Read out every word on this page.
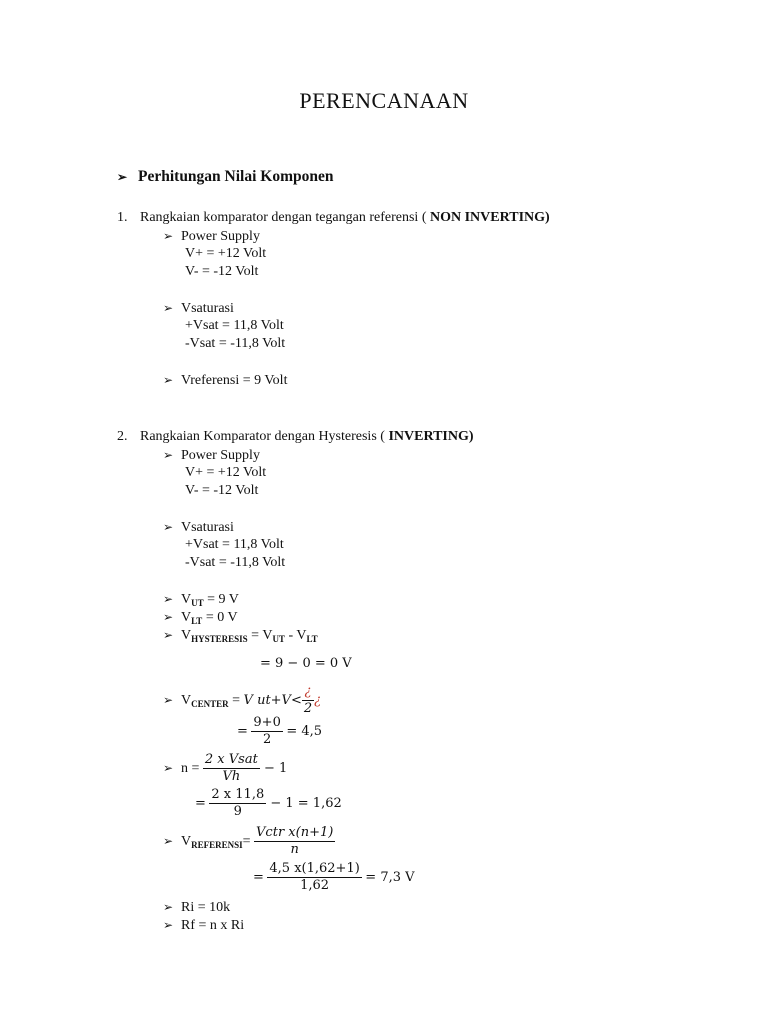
PERENCANAAN
➢ Perhitungan Nilai Komponen
1. Rangkaian komparator dengan tegangan referensi ( NON INVERTING)
➢ Power Supply
V+ = +12 Volt
V- = -12 Volt
➢ Vsaturasi
+Vsat = 11,8 Volt
-Vsat = -11,8 Volt
➢ Vreferensi = 9 Volt
2. Rangkaian Komparator dengan Hysteresis ( INVERTING)
➢ Power Supply
V+ = +12 Volt
V- = -12 Volt
➢ Vsaturasi
+Vsat = 11,8 Volt
-Vsat = -11,8 Volt
➢ $V_{UT} = 9$ V
➢ $V_{LT} = 0$ V
➢ $V_{HYSTERESIS} = V_{UT} - V_{LT}$
= 9 − 0 = 0 V
➢ $V_{CENTER} = V$ $ut+V< \frac{¿}{2}$ ¿
= $\frac{9+0}{2} = 4,5$
➢ $n = \frac{\text{2 x Vsat}}{Vh} - 1$
= $\frac{2 x 11,8}{9} - 1 = 1,62$
➢ $V_{REFERENSI}= \frac{\text{Vctr x(n+1)}}{n}$
= $\frac{4,5 x(1,62+1)}{1,62} = 7,3$ V
➢ Ri = 10k
➢ Rf = n x Ri
